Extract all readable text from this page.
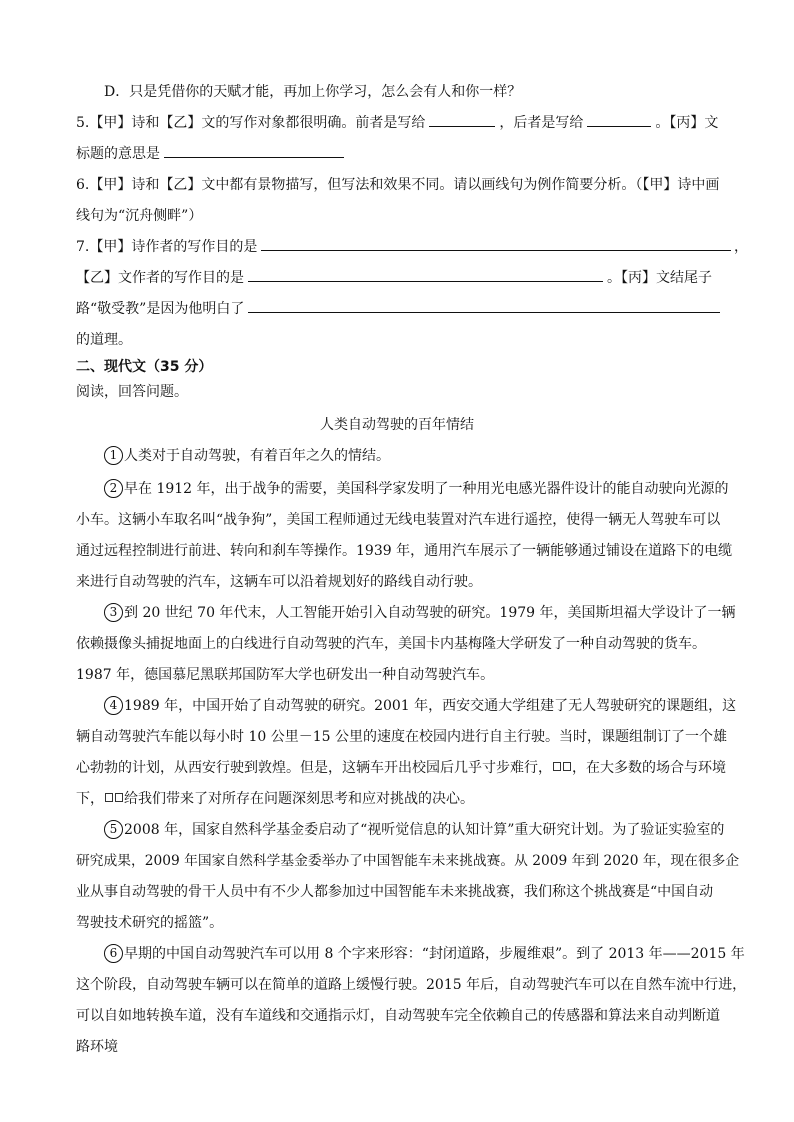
D．只是凭借你的天赋才能，再加上你学习，怎么会有人和你一样？
5.【甲】诗和【乙】文的写作对象都很明确。前者是写给	，后者是写给	。【丙】文
标题的意思是
6.【甲】诗和【乙】文中都有景物描写，但写法和效果不同。请以画线句为例作简要分析。（【甲】诗中画
线句为“沉舟侧畔”）
7.【甲】诗作者的写作目的是	，
【乙】文作者的写作目的是	。【丙】文结尾子
路“敬受教”是因为他明白了
的道理。
二、现代文（35 分）
阅读，回答问题。
人类自动驾驶的百年情结
1 人类对于自动驾驶，有着百年之久的情结。
2 早在 1912 年，出于战争的需要，美国科学家发明了一种用光电感光器件设计的能自动驶向光源的
小车。这辆小车取名叫“战争狗”，美国工程师通过无线电装置对汽车进行遥控，使得一辆无人驾驶车可以
通过远程控制进行前进、转向和刹车等操作。1939 年，通用汽车展示了一辆能够通过铺设在道路下的电缆
来进行自动驾驶的汽车，这辆车可以沿着规划好的路线自动行驶。
3 到 20 世纪 70 年代末，人工智能开始引入自动驾驶的研究。1979 年，美国斯坦福大学设计了一辆
依赖摄像头捕捉地面上的白线进行自动驾驶的汽车，美国卡内基梅隆大学研发了一种自动驾驶的货车。
1987 年，德国慕尼黑联邦国防军大学也研发出一种自动驾驶汽车。
4 1989 年，中国开始了自动驾驶的研究。2001 年，西安交通大学组建了无人驾驶研究的课题组，这
辆自动驾驶汽车能以每小时 10 公里－15 公里的速度在校园内进行自主行驶。当时，课题组制订了一个雄
心勃勃的计划，从西安行驶到敦煌。但是，这辆车开出校园后几乎寸步难行， ，在大多数的场合与环境
下， 给我们带来了对所存在问题深刻思考和应对挑战的决心。
5 2008 年，国家自然科学基金委启动了“视听觉信息的认知计算”重大研究计划。为了验证实验室的
研究成果，2009 年国家自然科学基金委举办了中国智能车未来挑战赛。从 2009 年到 2020 年，现在很多企
业从事自动驾驶的骨干人员中有不少人都参加过中国智能车未来挑战赛，我们称这个挑战赛是“中国自动
驾驶技术研究的摇篮”。
6 早期的中国自动驾驶汽车可以用 8 个字来形容：“封闭道路，步履维艰”。到了 2013 年——2015 年
这个阶段，自动驾驶车辆可以在简单的道路上缓慢行驶。2015 年后，自动驾驶汽车可以在自然车流中行进，
可以自如地转换车道，没有车道线和交通指示灯，自动驾驶车完全依赖自己的传感器和算法来自动判断道
路环境
